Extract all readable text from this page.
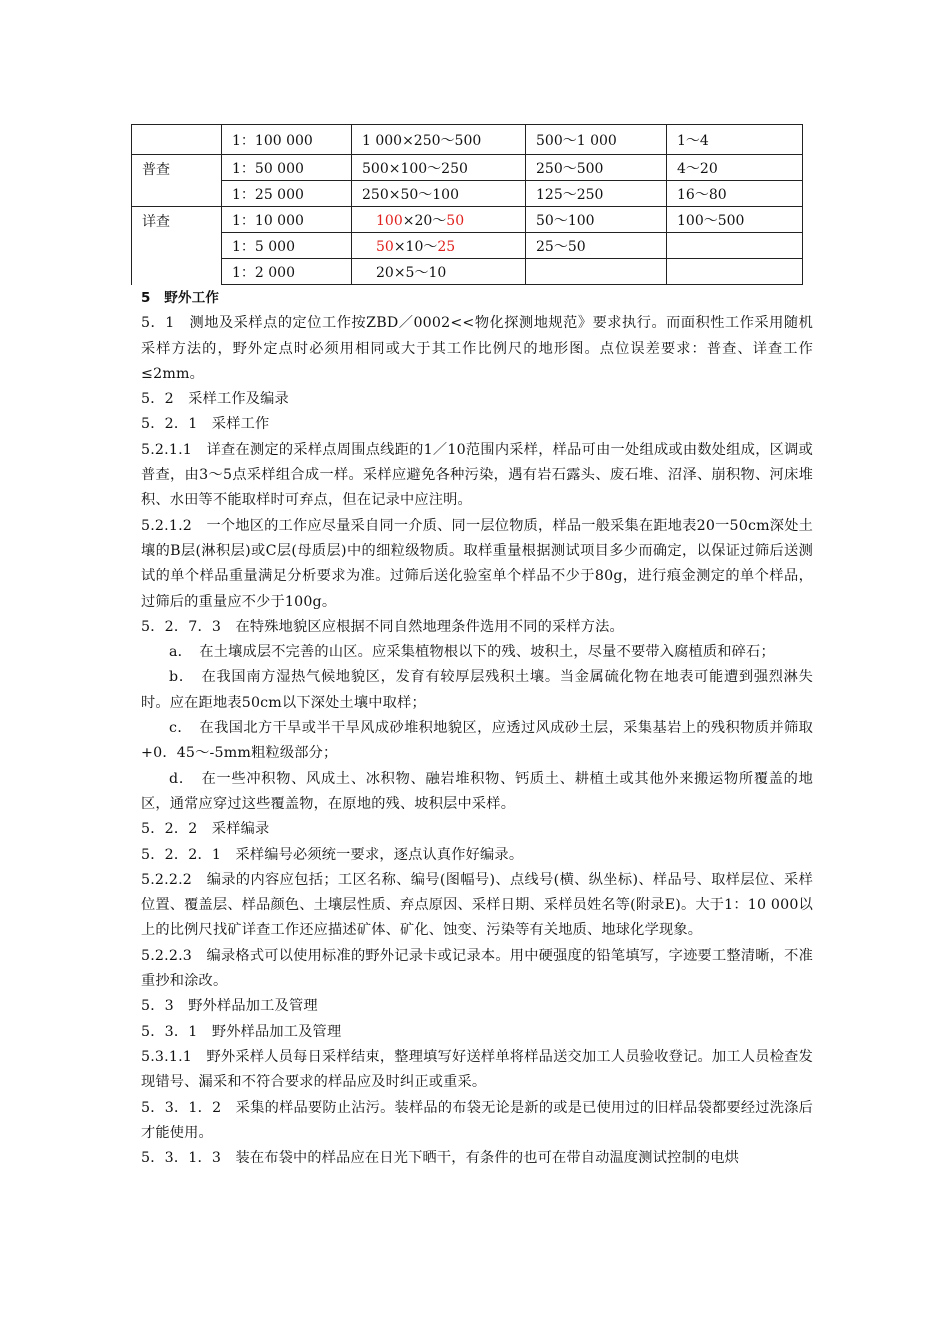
	1：100 000	1 000×250～500	500～1 000	1～4
普查	1：50 000	500×100～250	250～500	4～20
	1：25 000	250×50～100	125～250	16～80
详查	1：10 000	100×20～50	50～100	100～500
	1：5 000	50×10～25	25～50	
	1：2 000	20×5～10		

5　野外工作

5．1　测地及采样点的定位工作按ZBD／0002<<物化探测地规范》要求执行。而面积性工作采用随机采样方法的，野外定点时必须用相同或大于其工作比例尺的地形图。点位误差要求：普查、详查工作≤2mm。

5．2　采样工作及编录

5．2．1　采样工作

5.2.1.1　详查在测定的采样点周围点线距的1／10范围内采样，样品可由一处组成或由数处组成，区调或普查，由3～5点采样组合成一样。采样应避免各种污染，遇有岩石露头、废石堆、沼泽、崩积物、河床堆积、水田等不能取样时可弃点，但在记录中应注明。

5.2.1.2　一个地区的工作应尽量采自同一介质、同一层位物质，样品一般采集在距地表20一50cm深处土壤的B层(淋积层)或C层(母质层)中的细粒级物质。取样重量根据测试项目多少而确定，以保证过筛后送测试的单个样品重量满足分析要求为准。过筛后送化验室单个样品不少于80g，进行痕金测定的单个样品，过筛后的重量应不少于100g。

5．2．7．3　在特殊地貌区应根据不同自然地理条件选用不同的采样方法。

a．　在土壤成层不完善的山区。应采集植物根以下的残、坡积土，尽量不要带入腐植质和碎石；

b．　在我国南方湿热气候地貌区，发育有较厚层残积土壤。当金属硫化物在地表可能遭到强烈淋失时。应在距地表50cm以下深处土壤中取样；

c．　在我国北方干旱或半干旱风成砂堆积地貌区，应透过风成砂土层，采集基岩上的残积物质并筛取+0．45～-5mm粗粒级部分；

d．　在一些冲积物、风成土、冰积物、融岩堆积物、钙质土、耕植土或其他外来搬运物所覆盖的地区，通常应穿过这些覆盖物，在原地的残、坡积层中采样。

5．2．2　采样编录

5．2．2．1　采样编号必须统一要求，逐点认真作好编录。

5.2.2.2　编录的内容应包括；工区名称、编号(图幅号)、点线号(横、纵坐标)、样品号、取样层位、采样位置、覆盖层、样品颜色、土壤层性质、弃点原因、采样日期、采样员姓名等(附录E)。大于1：10 000以上的比例尺找矿详查工作还应描述矿体、矿化、蚀变、污染等有关地质、地球化学现象。

5.2.2.3　编录格式可以使用标准的野外记录卡或记录本。用中硬强度的铅笔填写，字迹要工整清晰，不准重抄和涂改。

5．3　野外样品加工及管理

5．3．1　野外样品加工及管理

5.3.1.1　野外采样人员每日采样结束，整理填写好送样单将样品送交加工人员验收登记。加工人员检查发现错号、漏采和不符合要求的样品应及时纠正或重采。

5．3．1．2　采集的样品要防止沾污。装样品的布袋无论是新的或是已使用过的旧样品袋都要经过洗涤后才能使用。

5．3．1．3　装在布袋中的样品应在日光下晒干，有条件的也可在带自动温度测试控制的电烘
